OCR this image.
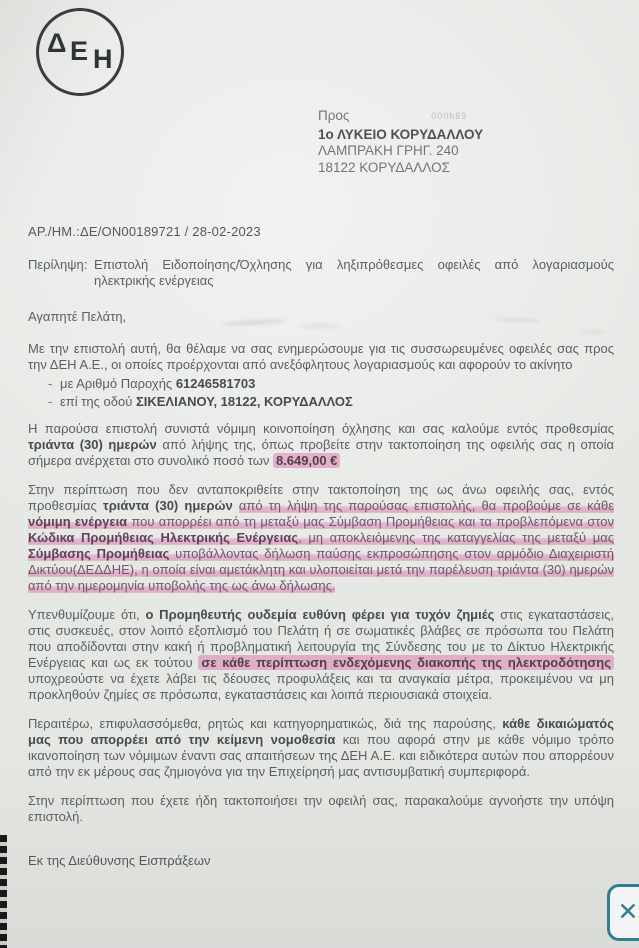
Δ Ε Η
Προς	000h69
1ο ΛΥΚΕΙΟ ΚΟΡΥΔΑΛΛΟΥ
ΛΑΜΠΡΑΚΗ ΓΡΗΓ. 240
18122 ΚΟΡΥΔΑΛΛΟΣ
ΑΡ./ΗΜ.:ΔΕ/ΟΝ00189721 / 28-02-2023
Περίληψη: Επιστολή Ειδοποίησης/Όχλησης για ληξιπρόθεσμες οφειλές από λογαριασμούς ηλεκτρικής ενέργειας
Αγαπητέ Πελάτη,

Με την επιστολή αυτή, θα θέλαμε να σας ενημερώσουμε για τις συσσωρευμένες οφειλές σας προς την ΔΕΗ Α.Ε., οι οποίες προέρχονται από ανεξόφλητους λογαριασμούς και αφορούν το ακίνητο

- με Αριθμό Παροχής 61246581703
- επί της οδού ΣΙΚΕΛΙΑΝΟΥ, 18122, ΚΟΡΥΔΑΛΛΟΣ

Η παρούσα επιστολή συνιστά νόμιμη κοινοποίηση όχλησης και σας καλούμε εντός προθεσμίας τριάντα (30) ημερών από λήψης της, όπως προβείτε στην τακτοποίηση της οφειλής σας η οποία σήμερα ανέρχεται στο συνολικό ποσό των 8.649,00 €

Στην περίπτωση που δεν ανταποκριθείτε στην τακτοποίηση της ως άνω οφειλής σας, εντός προθεσμίας τριάντα (30) ημερών από τη λήψη της παρούσας επιστολής, θα προβούμε σε κάθε νόμιμη ενέργεια που απορρέει από τη μεταξύ μας Σύμβαση Προμήθειας και τα προβλεπόμενα στον Κώδικα Προμήθειας Ηλεκτρικής Ενέργειας, μη αποκλειόμενης της καταγγελίας της μεταξύ μας Σύμβασης Προμήθειας υποβάλλοντας δήλωση παύσης εκπροσώπησης στον αρμόδιο Διαχειριστή Δικτύου(ΔΕΔΔΗΕ), η οποία είναι αμετάκλητη και υλοποιείται μετά την παρέλευση τριάντα (30) ημερών από την ημερομηνία υποβολής της ως άνω δήλωσης.

Υπενθυμίζουμε ότι, ο Προμηθευτής ουδεμία ευθύνη φέρει για τυχόν ζημιές στις εγκαταστάσεις, στις συσκευές, στον λοιπό εξοπλισμό του Πελάτη ή σε σωματικές βλάβες σε πρόσωπα του Πελάτη που αποδίδονται στην κακή ή προβληματική λειτουργία της Σύνδεσης του με το Δίκτυο Ηλεκτρικής Ενέργειας και ως εκ τούτου σε κάθε περίπτωση ενδεχόμενης διακοπής της ηλεκτροδότησης υποχρεούστε να έχετε λάβει τις δέουσες προφυλάξεις και τα αναγκαία μέτρα, προκειμένου να μη προκληθούν ζημίες σε πρόσωπα, εγκαταστάσεις και λοιπά περιουσιακά στοιχεία.

Περαιτέρω, επιφυλασσόμεθα, ρητώς και κατηγορηματικώς, διά της παρούσης, κάθε δικαιώματός μας που απορρέει από την κείμενη νομοθεσία και που αφορά στην με κάθε νόμιμο τρόπο ικανοποίηση των νόμιμων έναντι σας απαιτήσεων της ΔΕΗ Α.Ε. και ειδικότερα αυτών που απορρέουν από την εκ μέρους σας ζημιογόνα για την Επιχείρησή μας αντισυμβατική συμπεριφορά.

Στην περίπτωση που έχετε ήδη τακτοποιήσει την οφειλή σας, παρακαλούμε αγνοήστε την υπόψη επιστολή.

Εκ της Διεύθυνσης Εισπράξεων
✕
